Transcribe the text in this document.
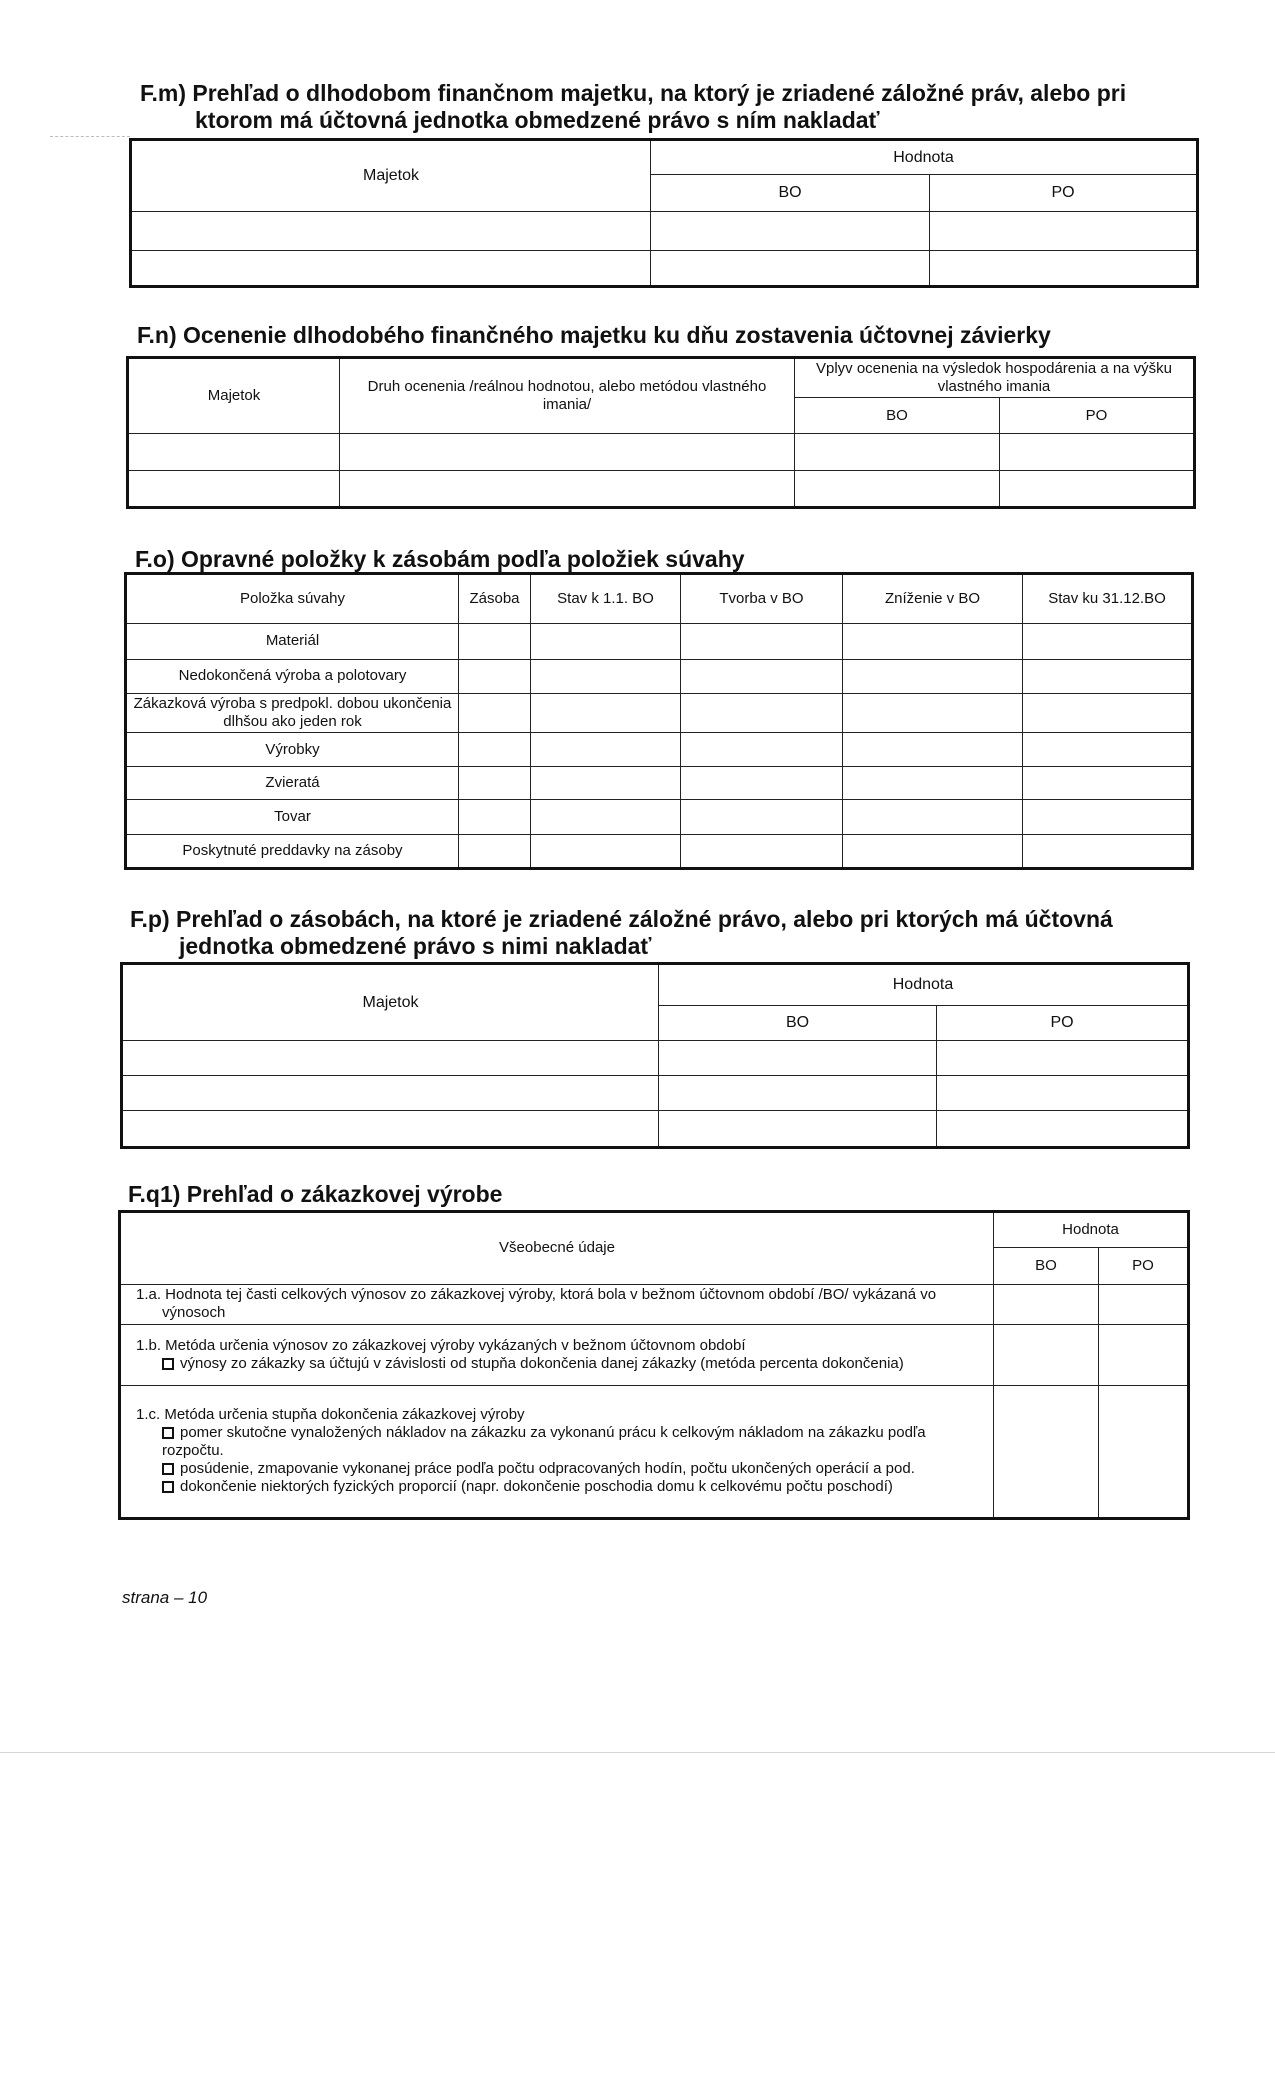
F.m) Prehľad o dlhodobom finančnom majetku, na ktorý je zriadené záložné práv, alebo pri
ktorom má účtovná jednotka obmedzené právo s ním nakladať
Majetok	Hodnota	
	BO	PO

F.n) Ocenenie dlhodobého finančného majetku ku dňu zostavenia účtovnej závierky
Majetok	Druh ocenenia /reálnou hodnotou, alebo metódou vlastného imania/	Vplyv ocenenia na výsledok hospodárenia a na výšku vlastného imania	
		BO	PO

F.o) Opravné položky k zásobám podľa položiek súvahy
Položka súvahy	Zásoba	Stav k 1.1. BO	Tvorba v BO	Zníženie v BO	Stav ku 31.12.BO
Materiál					
Nedokončená výroba a polotovary					
Zákazková výroba s predpokl. dobou ukončenia dlhšou ako jeden rok					
Výrobky					
Zvieratá					
Tovar					
Poskytnuté preddavky na zásoby					
F.p) Prehľad o zásobách, na ktoré je zriadené záložné právo, alebo pri ktorých má účtovná
jednotka obmedzené právo s nimi nakladať
Majetok	Hodnota	
	BO	PO

F.q1) Prehľad o zákazkovej výrobe
Všeobecné údaje	Hodnota	
	BO	PO

1.a. Hodnota tej časti celkových výnosov zo zákazkovej výroby, ktorá bola v bežnom účtovnom období /BO/ vykázaná vo výnosoch		

1.b. Metóda určenia výnosov zo zákazkovej výroby vykázaných v bežnom účtovnom období
výnosy zo zákazky sa účtujú v závislosti od stupňa dokončenia danej zákazky (metóda percenta dokončenia)		

1.c. Metóda určenia stupňa dokončenia zákazkovej výroby
pomer skutočne vynaložených nákladov na zákazku za vykonanú prácu k celkovým nákladom na zákazku podľa rozpočtu.
posúdenie, zmapovanie vykonanej práce podľa počtu odpracovaných hodín, počtu ukončených operácií a pod.
dokončenie niektorých fyzických proporcií (napr. dokončenie poschodia domu k celkovému počtu poschodí)		

strana – 10
